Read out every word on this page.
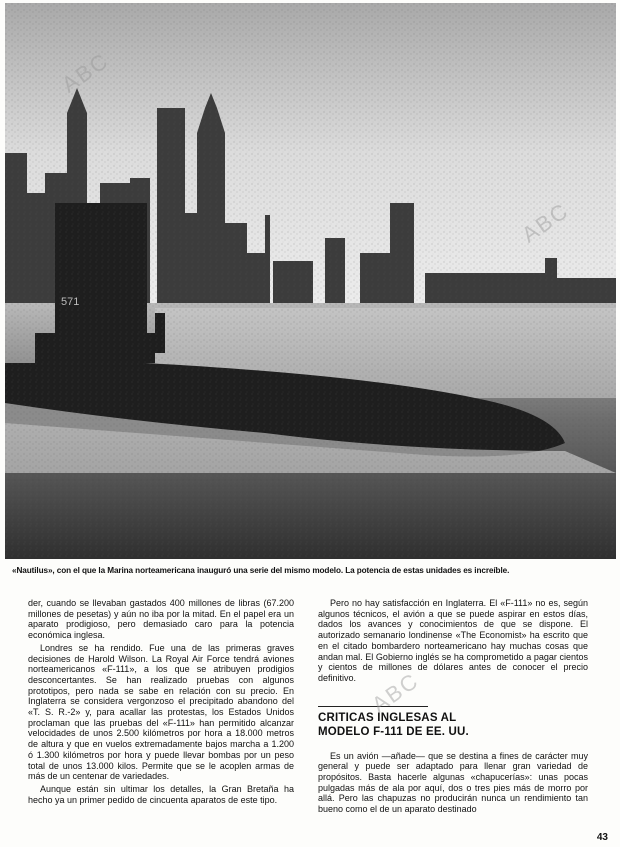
«Nautilus», con el que la Marina norteamericana inauguró una serie del mismo modelo. La potencia de estas unidades es increíble.

der, cuando se llevaban gastados 400 millones de libras (67.200 millones de pesetas) y aún no iba por la mitad. En el papel era un aparato prodigioso, pero demasiado caro para la potencia económica inglesa.

Londres se ha rendido. Fue una de las primeras graves decisiones de Harold Wilson. La Royal Air Force tendrá aviones norteamericanos «F-111», a los que se atribuyen prodigios desconcertantes. Se han realizado pruebas con algunos prototipos, pero nada se sabe en relación con su precio. En Inglaterra se considera vergonzoso el precipitado abandono del «T. S. R.-2» y, para acallar las protestas, los Estados Unidos proclaman que las pruebas del «F-111» han permitido alcanzar velocidades de unos 2.500 kilómetros por hora a 18.000 metros de altura y que en vuelos extremadamente bajos marcha a 1.200 ó 1.300 kilómetros por hora y puede llevar bombas por un peso total de unos 13.000 kilos. Permite que se le acoplen armas de más de un centenar de variedades.

Aunque están sin ultimar los detalles, la Gran Bretaña ha hecho ya un primer pedido de cincuenta aparatos de este tipo.

Pero no hay satisfacción en Inglaterra. El «F-111» no es, según algunos técnicos, el avión a que se puede aspirar en estos días, dados los avances y conocimientos de que se dispone. El autorizado semanario londinense «The Economist» ha escrito que en el citado bombardero norteamericano hay muchas cosas que andan mal. El Gobierno inglés se ha comprometido a pagar cientos y cientos de millones de dólares antes de conocer el precio definitivo.

CRITICAS INGLESAS AL
MODELO F-111 DE EE. UU.

Es un avión —añade— que se destina a fines de carácter muy general y puede ser adaptado para llenar gran variedad de propósitos. Basta hacerle algunas «chapucerías»: unas pocas pulgadas más de ala por aquí, dos o tres pies más de morro por allá. Pero las chapuzas no producirán nunca un rendimiento tan bueno como el de un aparato destinado

ABC
ABC
ABC
43
